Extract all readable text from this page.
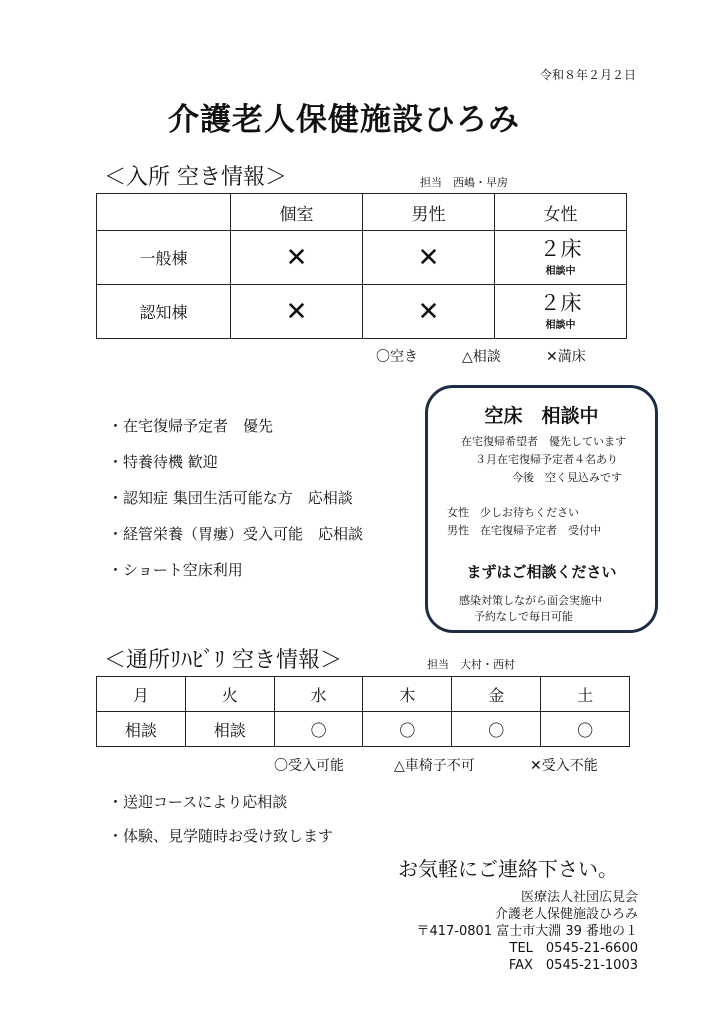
令和８年２月２日
介護老人保健施設ひろみ
＜入所 空き情報＞	担当　西嶋・早房
	個室	男性	女性
一般棟	✕	✕	２床
相談中

認知棟	✕	✕	２床
相談中
〇空き	△相談	✕満床
・在宅復帰予定者　優先
・特養待機 歓迎
・認知症 集団生活可能な方　応相談
・経管栄養（胃瘻）受入可能　応相談
・ショート空床利用
空床　相談中
在宅復帰希望者　優先しています
３月在宅復帰予定者４名あり
今後　空く見込みです
女性　少しお待ちください
男性　在宅復帰予定者　受付中
まずはご相談ください
感染対策しながら面会実施中
予約なしで毎日可能
＜通所ﾘﾊﾋﾞﾘ 空き情報＞	担当　大村・西村
月	火	水	木	金	土
相談	相談	〇	〇	〇	〇
〇受入可能	△車椅子不可	✕受入不能
・送迎コースにより応相談
・体験、見学随時お受け致します
お気軽にご連絡下さい。
医療法人社団広見会
介護老人保健施設ひろみ
〒417-0801 富士市大淵 39 番地の１
TEL　0545-21-6600
FAX　0545-21-1003
